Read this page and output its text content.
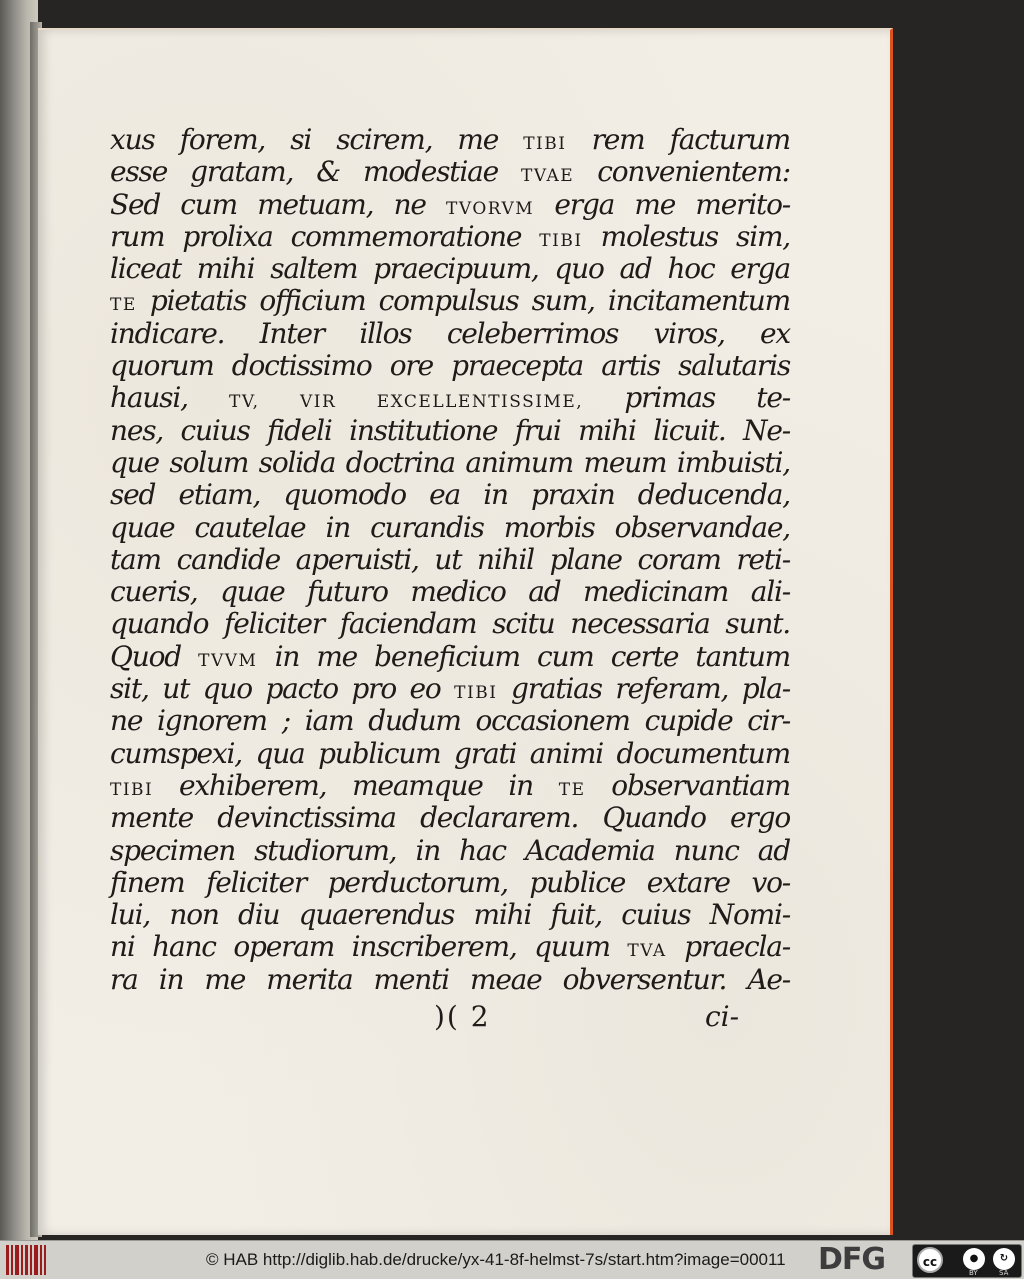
xus forem, si scirem, me TIBI rem facturum
esse gratam, & modestiae TVAE convenientem:
Sed cum metuam, ne TVORVM erga me merito-
rum prolixa commemoratione TIBI molestus sim,
liceat mihi saltem praecipuum, quo ad hoc erga
TE pietatis officium compulsus sum, incitamentum
indicare. Inter illos celeberrimos viros, ex
quorum doctissimo ore praecepta artis salutaris
hausi, TV, VIR EXCELLENTISSIME, primas te-
nes, cuius fideli institutione frui mihi licuit. Ne-
que solum solida doctrina animum meum imbuisti,
sed etiam, quomodo ea in praxin deducenda,
quae cautelae in curandis morbis observandae,
tam candide aperuisti, ut nihil plane coram reti-
cueris, quae futuro medico ad medicinam ali-
quando feliciter faciendam scitu necessaria sunt.
Quod TVVM in me beneficium cum certe tantum
sit, ut quo pacto pro eo TIBI gratias referam, pla-
ne ignorem ; iam dudum occasionem cupide cir-
cumspexi, qua publicum grati animi documentum
TIBI exhiberem, meamque in TE observantiam
mente devinctissima declararem. Quando ergo
specimen studiorum, in hac Academia nunc ad
finem feliciter perductorum, publice extare vo-
lui, non diu quaerendus mihi fuit, cuius Nomi-
ni hanc operam inscriberem, quum TVA praecla-
ra in me merita menti meae obversentur. Ae-
)( 2	ci-
© HAB http://diglib.hab.de/drucke/yx-41-8f-helmst-7s/start.htm?image=00011 DFG	cc	●	↻
BY	SA
